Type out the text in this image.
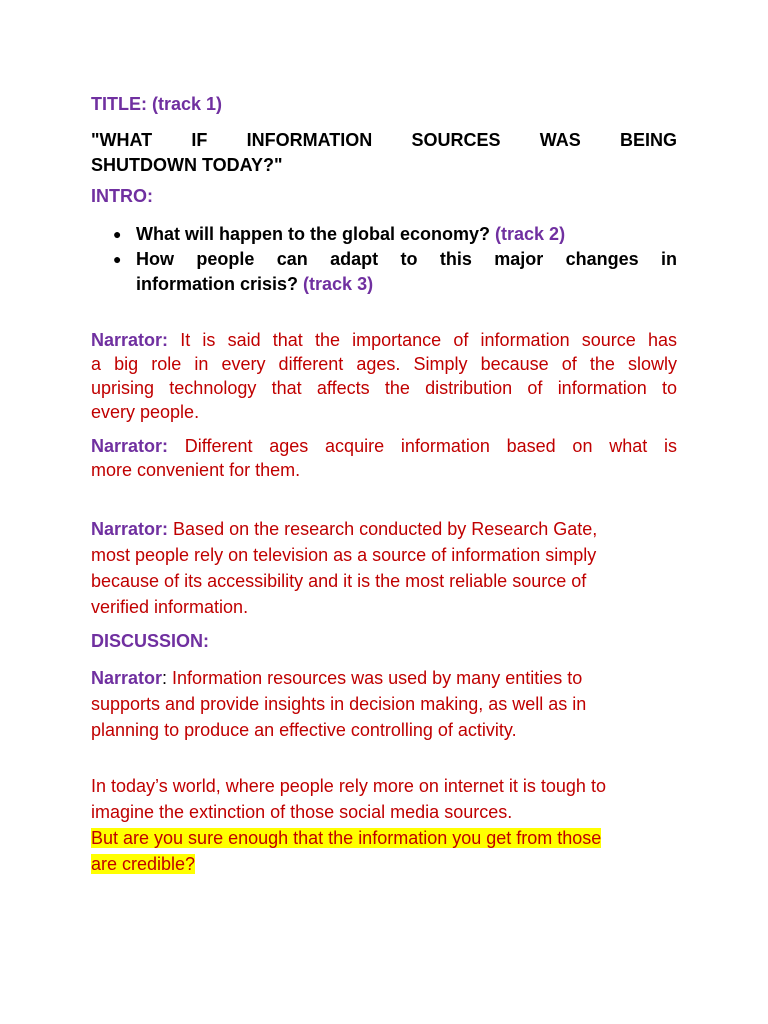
TITLE: (track 1)
"WHAT IF INFORMATION SOURCES WAS BEING
SHUTDOWN TODAY?"
INTRO:
● What will happen to the global economy? (track 2)
● How people can adapt to this major changes in
information crisis? (track 3)
Narrator: It is said that the importance of information source has
a big role in every different ages. Simply because of the slowly
uprising technology that affects the distribution of information to
every people.
Narrator: Different ages acquire information based on what is
more convenient for them.
Narrator: Based on the research conducted by Research Gate,
most people rely on television as a source of information simply
because of its accessibility and it is the most reliable source of
verified information.
DISCUSSION:
Narrator: Information resources was used by many entities to
supports and provide insights in decision making, as well as in
planning to produce an effective controlling of activity.
In today’s world, where people rely more on internet it is tough to
imagine the extinction of those social media sources.
But are you sure enough that the information you get from those
are credible?
